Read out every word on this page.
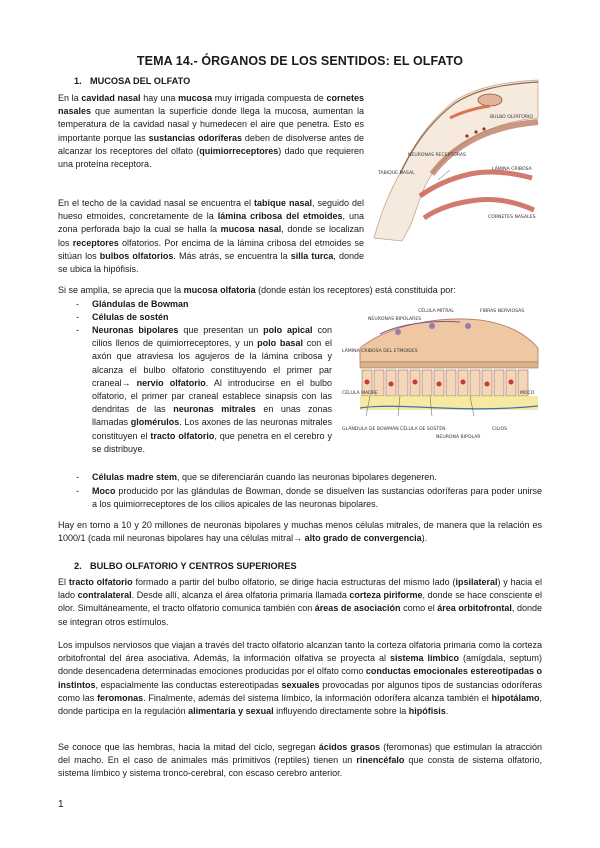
TEMA 14.- ÓRGANOS DE LOS SENTIDOS: EL OLFATO
1. MUCOSA DEL OLFATO
En la cavidad nasal hay una mucosa muy irrigada compuesta de cornetes nasales que aumentan la superficie donde llega la mucosa, aumentan la temperatura de la cavidad nasal y humedecen el aire que penetra. Esto es importante porque las sustancias odoríferas deben de disolverse antes de alcanzar los receptores del olfato (quimiorreceptores) dado que requieren una proteína receptora.
En el techo de la cavidad nasal se encuentra el tabique nasal, seguido del hueso etmoides, concretamente de la lámina cribosa del etmoides, una zona perforada bajo la cual se halla la mucosa nasal, donde se localizan los receptores olfatorios. Por encima de la lámina cribosa del etmoides se sitúan los bulbos olfatorios. Más atrás, se encuentra la silla turca, donde se ubica la hipófisis.
BULBO OLFATORIO
TABIQUE NASAL
NEURONAS RECEPTORAS
LÁMINA CRIBOSA
CORNETES NASALES
Si se amplía, se aprecia que la mucosa olfatoria (donde están los receptores) está constituida por:
- Glándulas de Bowman
- Células de sostén
- Neuronas bipolares que presentan un polo apical con cilios llenos de quimiorreceptores, y un polo basal con el axón que atraviesa los agujeros de la lámina cribosa y alcanza el bulbo olfatorio constituyendo el primer par craneal→ nervio olfatorio. Al introducirse en el bulbo olfatorio, el primer par craneal establece sinapsis con las dendritas de las neuronas mitrales en unas zonas llamadas glomérulos. Los axones de las neuronas mitrales constituyen el tracto olfatorio, que penetra en el cerebro y se distribuye.
CÉLULA MITRAL
LÁMINA CRIBOSA DEL ETMOIDES
NEURONAS BIPOLARES
FIBRAS NERVIOSAS
CÉLULA MADRE
GLÁNDULA DE BOWMAN CÉLULA DE SOSTÉN
NEURONA BIPOLAR
MOCO
CILIOS
- Células madre stem, que se diferenciarán cuando las neuronas bipolares degeneren.
- Moco producido por las glándulas de Bowman, donde se disuelven las sustancias odoríferas para poder unirse a los quimiorreceptores de los cilios apicales de las neuronas bipolares.
Hay en torno a 10 y 20 millones de neuronas bipolares y muchas menos células mitrales, de manera que la relación es 1000/1 (cada mil neuronas bipolares hay una células mitral→ alto grado de convergencia).
2. BULBO OLFATORIO Y CENTROS SUPERIORES
El tracto olfatorio formado a partir del bulbo olfatorio, se dirige hacia estructuras del mismo lado (ipsilateral) y hacia el lado contralateral. Desde allí, alcanza el área olfatoria primaria llamada corteza piriforme, donde se hace consciente el olor. Simultáneamente, el tracto olfatorio comunica también con áreas de asociación como el área orbitofrontal, donde se integran otros estímulos.
Los impulsos nerviosos que viajan a través del tracto olfatorio alcanzan tanto la corteza olfatoria primaria como la corteza orbitofrontal del área asociativa. Además, la información olfativa se proyecta al sistema límbico (amígdala, septum) donde desencadena determinadas emociones producidas por el olfato como conductas emocionales estereotipadas o instintos, espacialmente las conductas estereotipadas sexuales provocadas por algunos tipos de sustancias odoríferas como las feromonas. Finalmente, además del sistema límbico, la información odorífera alcanza también el hipotálamo, donde participa en la regulación alimentaria y sexual influyendo directamente sobre la hipófisis.
Se conoce que las hembras, hacia la mitad del ciclo, segregan ácidos grasos (feromonas) que estimulan la atracción del macho. En el caso de animales más primitivos (reptiles) tienen un rinencéfalo que consta de sistema olfatorio, sistema límbico y sistema tronco-cerebral, con escaso cerebro anterior.
1
